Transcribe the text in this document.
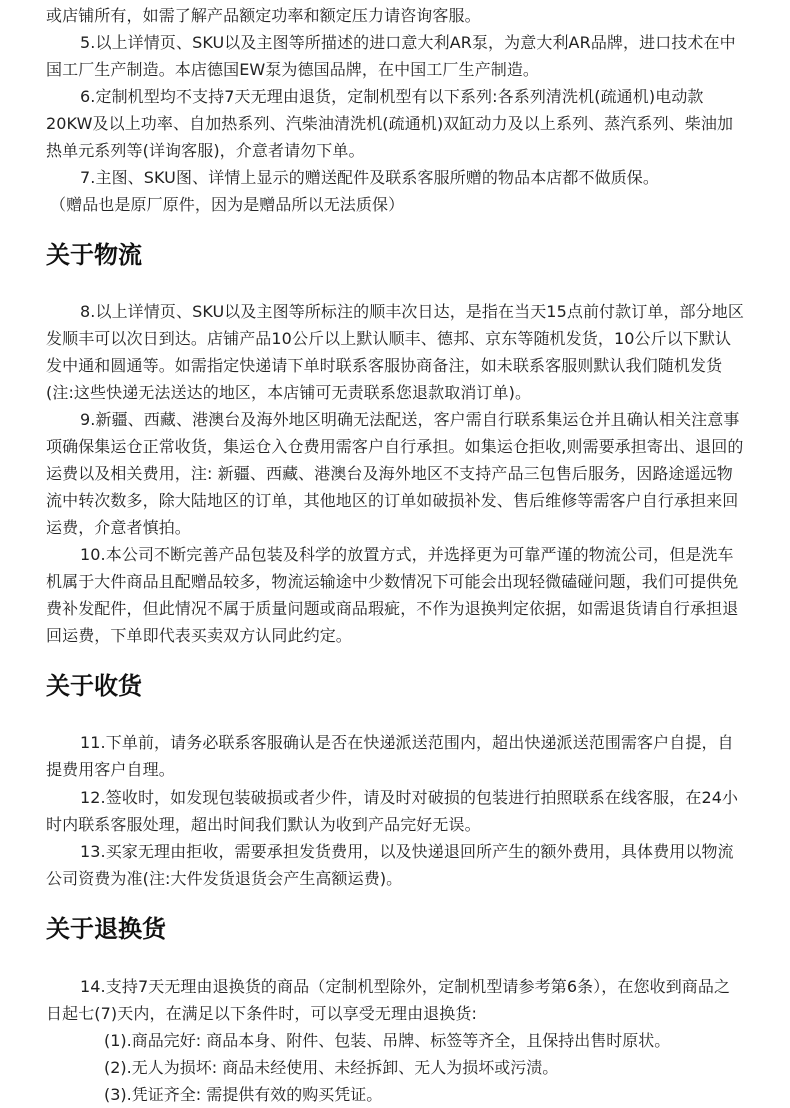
或店铺所有，如需了解产品额定功率和额定压力请咨询客服。

5.以上详情页、SKU以及主图等所描述的进口意大利AR泵，为意大利AR品牌，进口技术在中国工厂生产制造。本店德国EW泵为德国品牌，在中国工厂生产制造。

6.定制机型均不支持7天无理由退货，定制机型有以下系列:各系列清洗机(疏通机)电动款20KW及以上功率、自加热系列、汽柴油清洗机(疏通机)双缸动力及以上系列、蒸汽系列、柴油加热单元系列等(详询客服)，介意者请勿下单。

7.主图、SKU图、详情上显示的赠送配件及联系客服所赠的物品本店都不做质保。

（赠品也是原厂原件，因为是赠品所以无法质保）

关于物流

8.以上详情页、SKU以及主图等所标注的顺丰次日达，是指在当天15点前付款订单，部分地区发顺丰可以次日到达。店铺产品10公斤以上默认顺丰、德邦、京东等随机发货，10公斤以下默认发中通和圆通等。如需指定快递请下单时联系客服协商备注，如未联系客服则默认我们随机发货(注:这些快递无法送达的地区，本店铺可无责联系您退款取消订单)。

9.新疆、西藏、港澳台及海外地区明确无法配送，客户需自行联系集运仓并且确认相关注意事项确保集运仓正常收货，集运仓入仓费用需客户自行承担。如集运仓拒收,则需要承担寄出、退回的运费以及相关费用，注: 新疆、西藏、港澳台及海外地区不支持产品三包售后服务，因路途遥远物流中转次数多，除大陆地区的订单，其他地区的订单如破损补发、售后维修等需客户自行承担来回运费，介意者慎拍。

10.本公司不断完善产品包装及科学的放置方式，并选择更为可靠严谨的物流公司，但是洗车机属于大件商品且配赠品较多，物流运输途中少数情况下可能会出现轻微磕碰问题，我们可提供免费补发配件，但此情况不属于质量问题或商品瑕疵，不作为退换判定依据，如需退货请自行承担退回运费，下单即代表买卖双方认同此约定。

关于收货

11.下单前，请务必联系客服确认是否在快递派送范围内，超出快递派送范围需客户自提，自提费用客户自理。

12.签收时，如发现包装破损或者少件，请及时对破损的包装进行拍照联系在线客服，在24小时内联系客服处理，超出时间我们默认为收到产品完好无误。

13.买家无理由拒收，需要承担发货费用，以及快递退回所产生的额外费用，具体费用以物流公司资费为准(注:大件发货退货会产生高额运费)。

关于退换货

14.支持7天无理由退换货的商品（定制机型除外，定制机型请参考第6条），在您收到商品之日起七(7)天内，在满足以下条件时，可以享受无理由退换货:

(1).商品完好: 商品本身、附件、包装、吊牌、标签等齐全，且保持出售时原状。

(2).无人为损坏: 商品未经使用、未经拆卸、无人为损坏或污渍。

(3).凭证齐全: 需提供有效的购买凭证。
